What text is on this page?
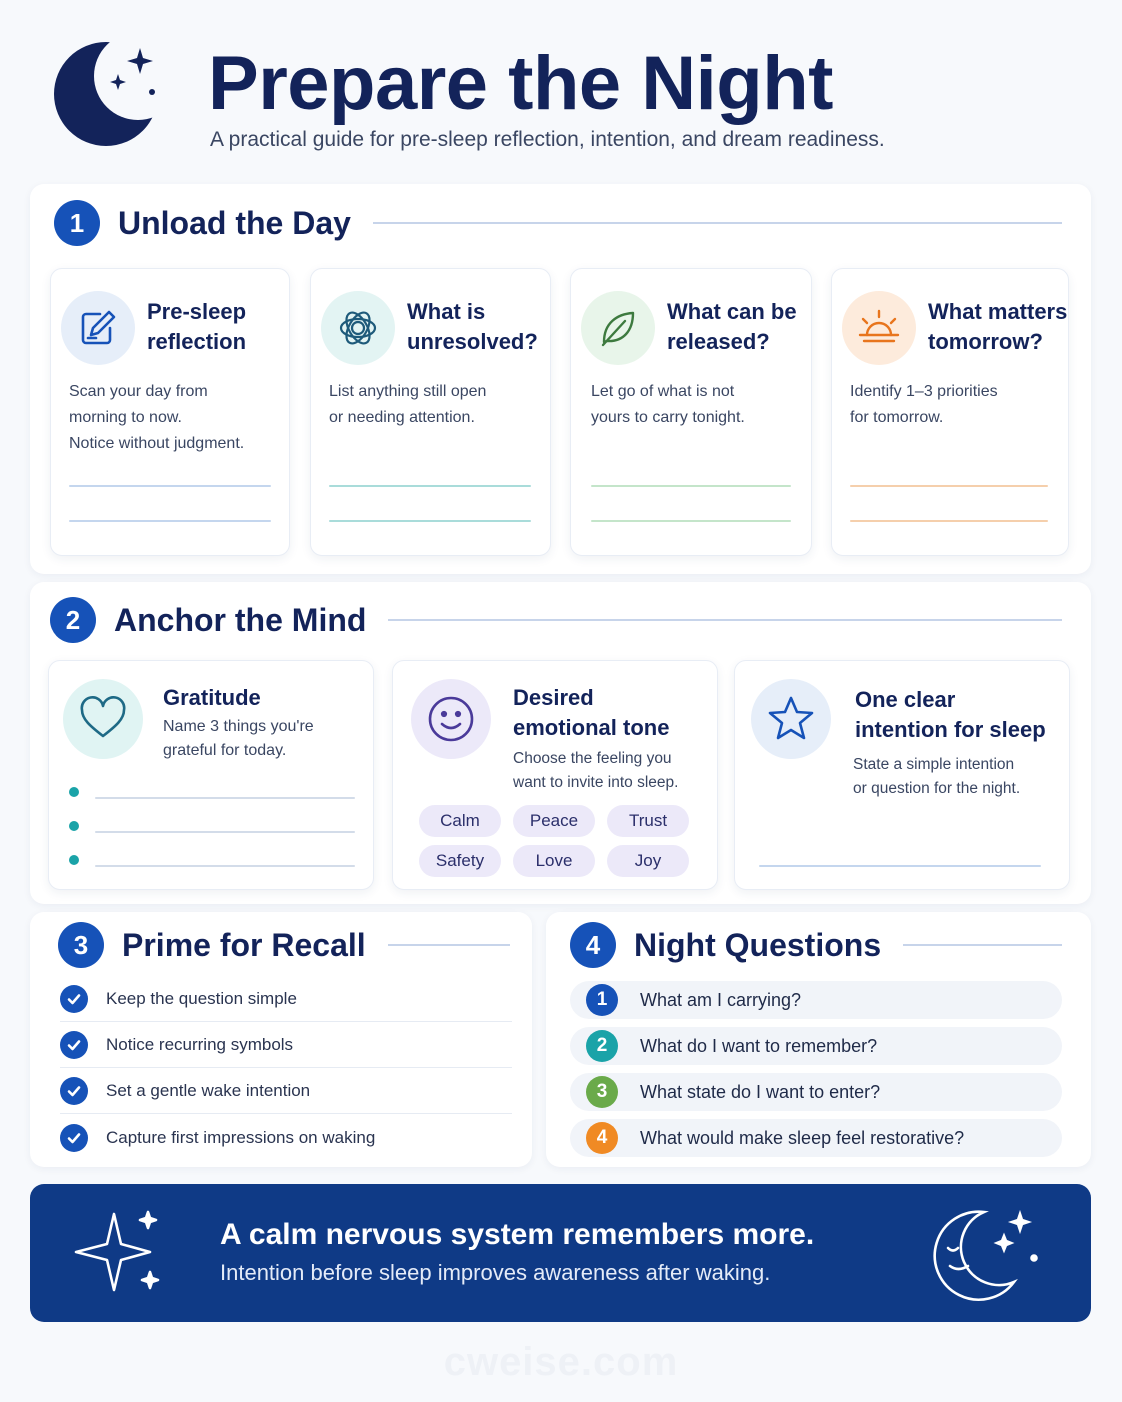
Prepare the Night
A practical guide for pre-sleep reflection, intention, and dream readiness.
1	Unload the Day
Pre-sleep
reflection
Scan your day from
morning to now.
Notice without judgment.
What is
unresolved?
List anything still open
or needing attention.
What can be
released?
Let go of what is not
yours to carry tonight.
What matters
tomorrow?
Identify 1–3 priorities
for tomorrow.
2	Anchor the Mind
Gratitude
Name 3 things you're
grateful for today.
Desired
emotional tone
Choose the feeling you
want to invite into sleep.
Calm	Peace	Trust
Safety	Love	Joy
One clear
intention for sleep
State a simple intention
or question for the night.
3	Prime for Recall
Keep the question simple
Notice recurring symbols
Set a gentle wake intention
Capture first impressions on waking
4	Night Questions
1	What am I carrying?
2	What do I want to remember?
3	What state do I want to enter?
4	What would make sleep feel restorative?
A calm nervous system remembers more.
Intention before sleep improves awareness after waking.
cweise.com
